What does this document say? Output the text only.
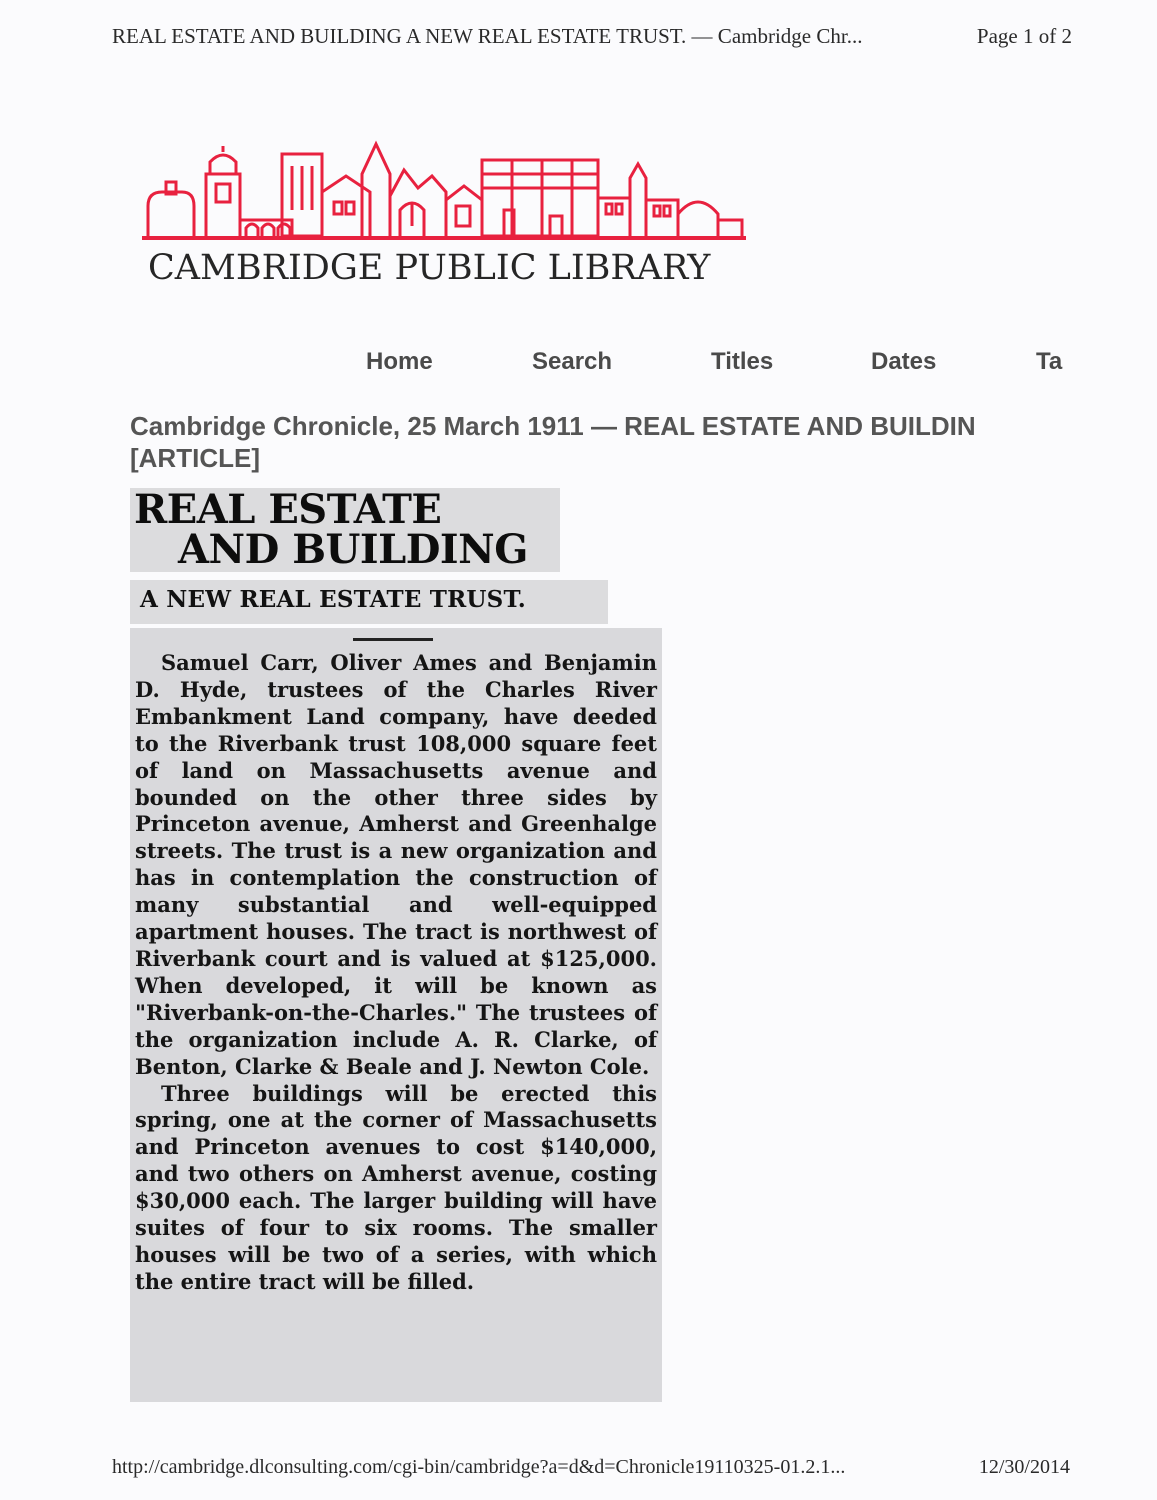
REAL ESTATE AND BUILDING A NEW REAL ESTATE TRUST. — Cambridge Chr...	Page 1 of 2
CAMBRIDGE PUBLIC LIBRARY
Home	Search	Titles	Dates	Ta
Cambridge Chronicle, 25 March 1911 — REAL ESTATE AND BUILDIN
[ARTICLE]
REAL ESTATE
AND BUILDING
A NEW REAL ESTATE TRUST.

Samuel Carr, Oliver Ames and Benjamin D. Hyde, trustees of the Charles River Embankment Land company, have deeded to the Riverbank trust 108,000 square feet of land on Massachusetts avenue and bounded on the other three sides by Princeton avenue, Amherst and Greenhalge streets. The trust is a new organization and has in contemplation the construction of many substantial and well-equipped apartment houses. The tract is northwest of Riverbank court and is valued at $125,000. When developed, it will be known as "Riverbank-on-the-Charles." The trustees of the organization include A. R. Clarke, of Benton, Clarke & Beale and J. Newton Cole.

Three buildings will be erected this spring, one at the corner of Massachusetts and Princeton avenues to cost $140,000, and two others on Amherst avenue, costing $30,000 each. The larger building will have suites of four to six rooms. The smaller houses will be two of a series, with which the entire tract will be filled.

http://cambridge.dlconsulting.com/cgi-bin/cambridge?a=d&d=Chronicle19110325-01.2.1...	12/30/2014
